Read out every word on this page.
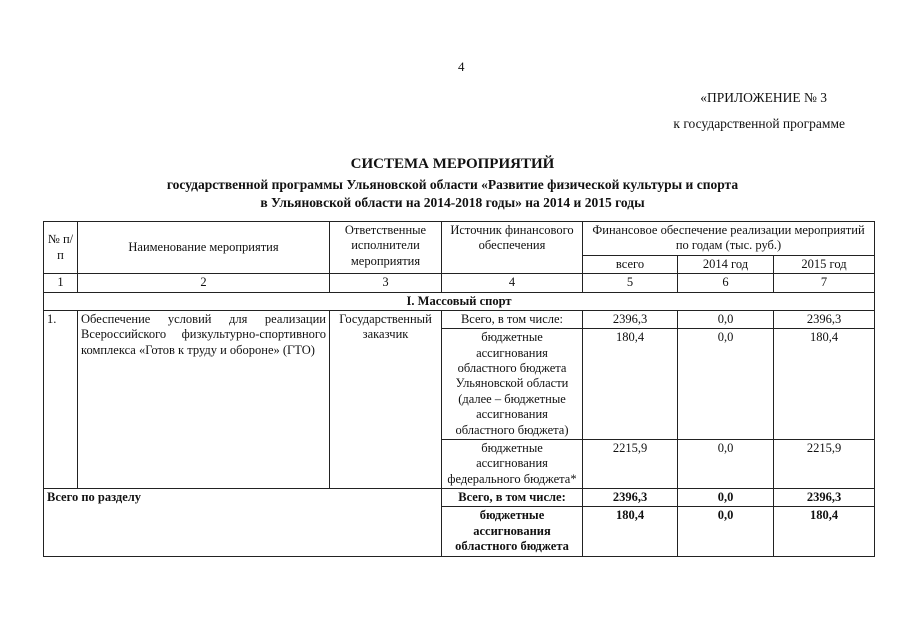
4
«ПРИЛОЖЕНИЕ № 3
к государственной программе
СИСТЕМА МЕРОПРИЯТИЙ
государственной программы Ульяновской области «Развитие физической культуры и спорта
в Ульяновской области на 2014-2018 годы» на 2014 и 2015 годы
№ п/п	Наименование мероприятия	Ответственные исполнители мероприятия	Источник финансового обеспечения	Финансовое обеспечение реализации мероприятий по годам (тыс. руб.)		
				всего	2014 год	2015 год
1	2	3	4	5	6	7
I. Массовый спорт						
1.	Обеспечение условий для реализации Всероссийского физкультурно-спортивного комплекса «Готов к труду и обороне» (ГТО)	Государственный заказчик	Всего, в том числе:	2396,3	0,0	2396,3
			бюджетные ассигнования областного бюджета Ульяновской области (далее – бюджетные ассигнования областного бюджета)	180,4	0,0	180,4
			бюджетные ассигнования федерального бюджета*	2215,9	0,0	2215,9
Всего по разделу			Всего, в том числе:	2396,3	0,0	2396,3
			бюджетные ассигнования областного бюджета	180,4	0,0	180,4
